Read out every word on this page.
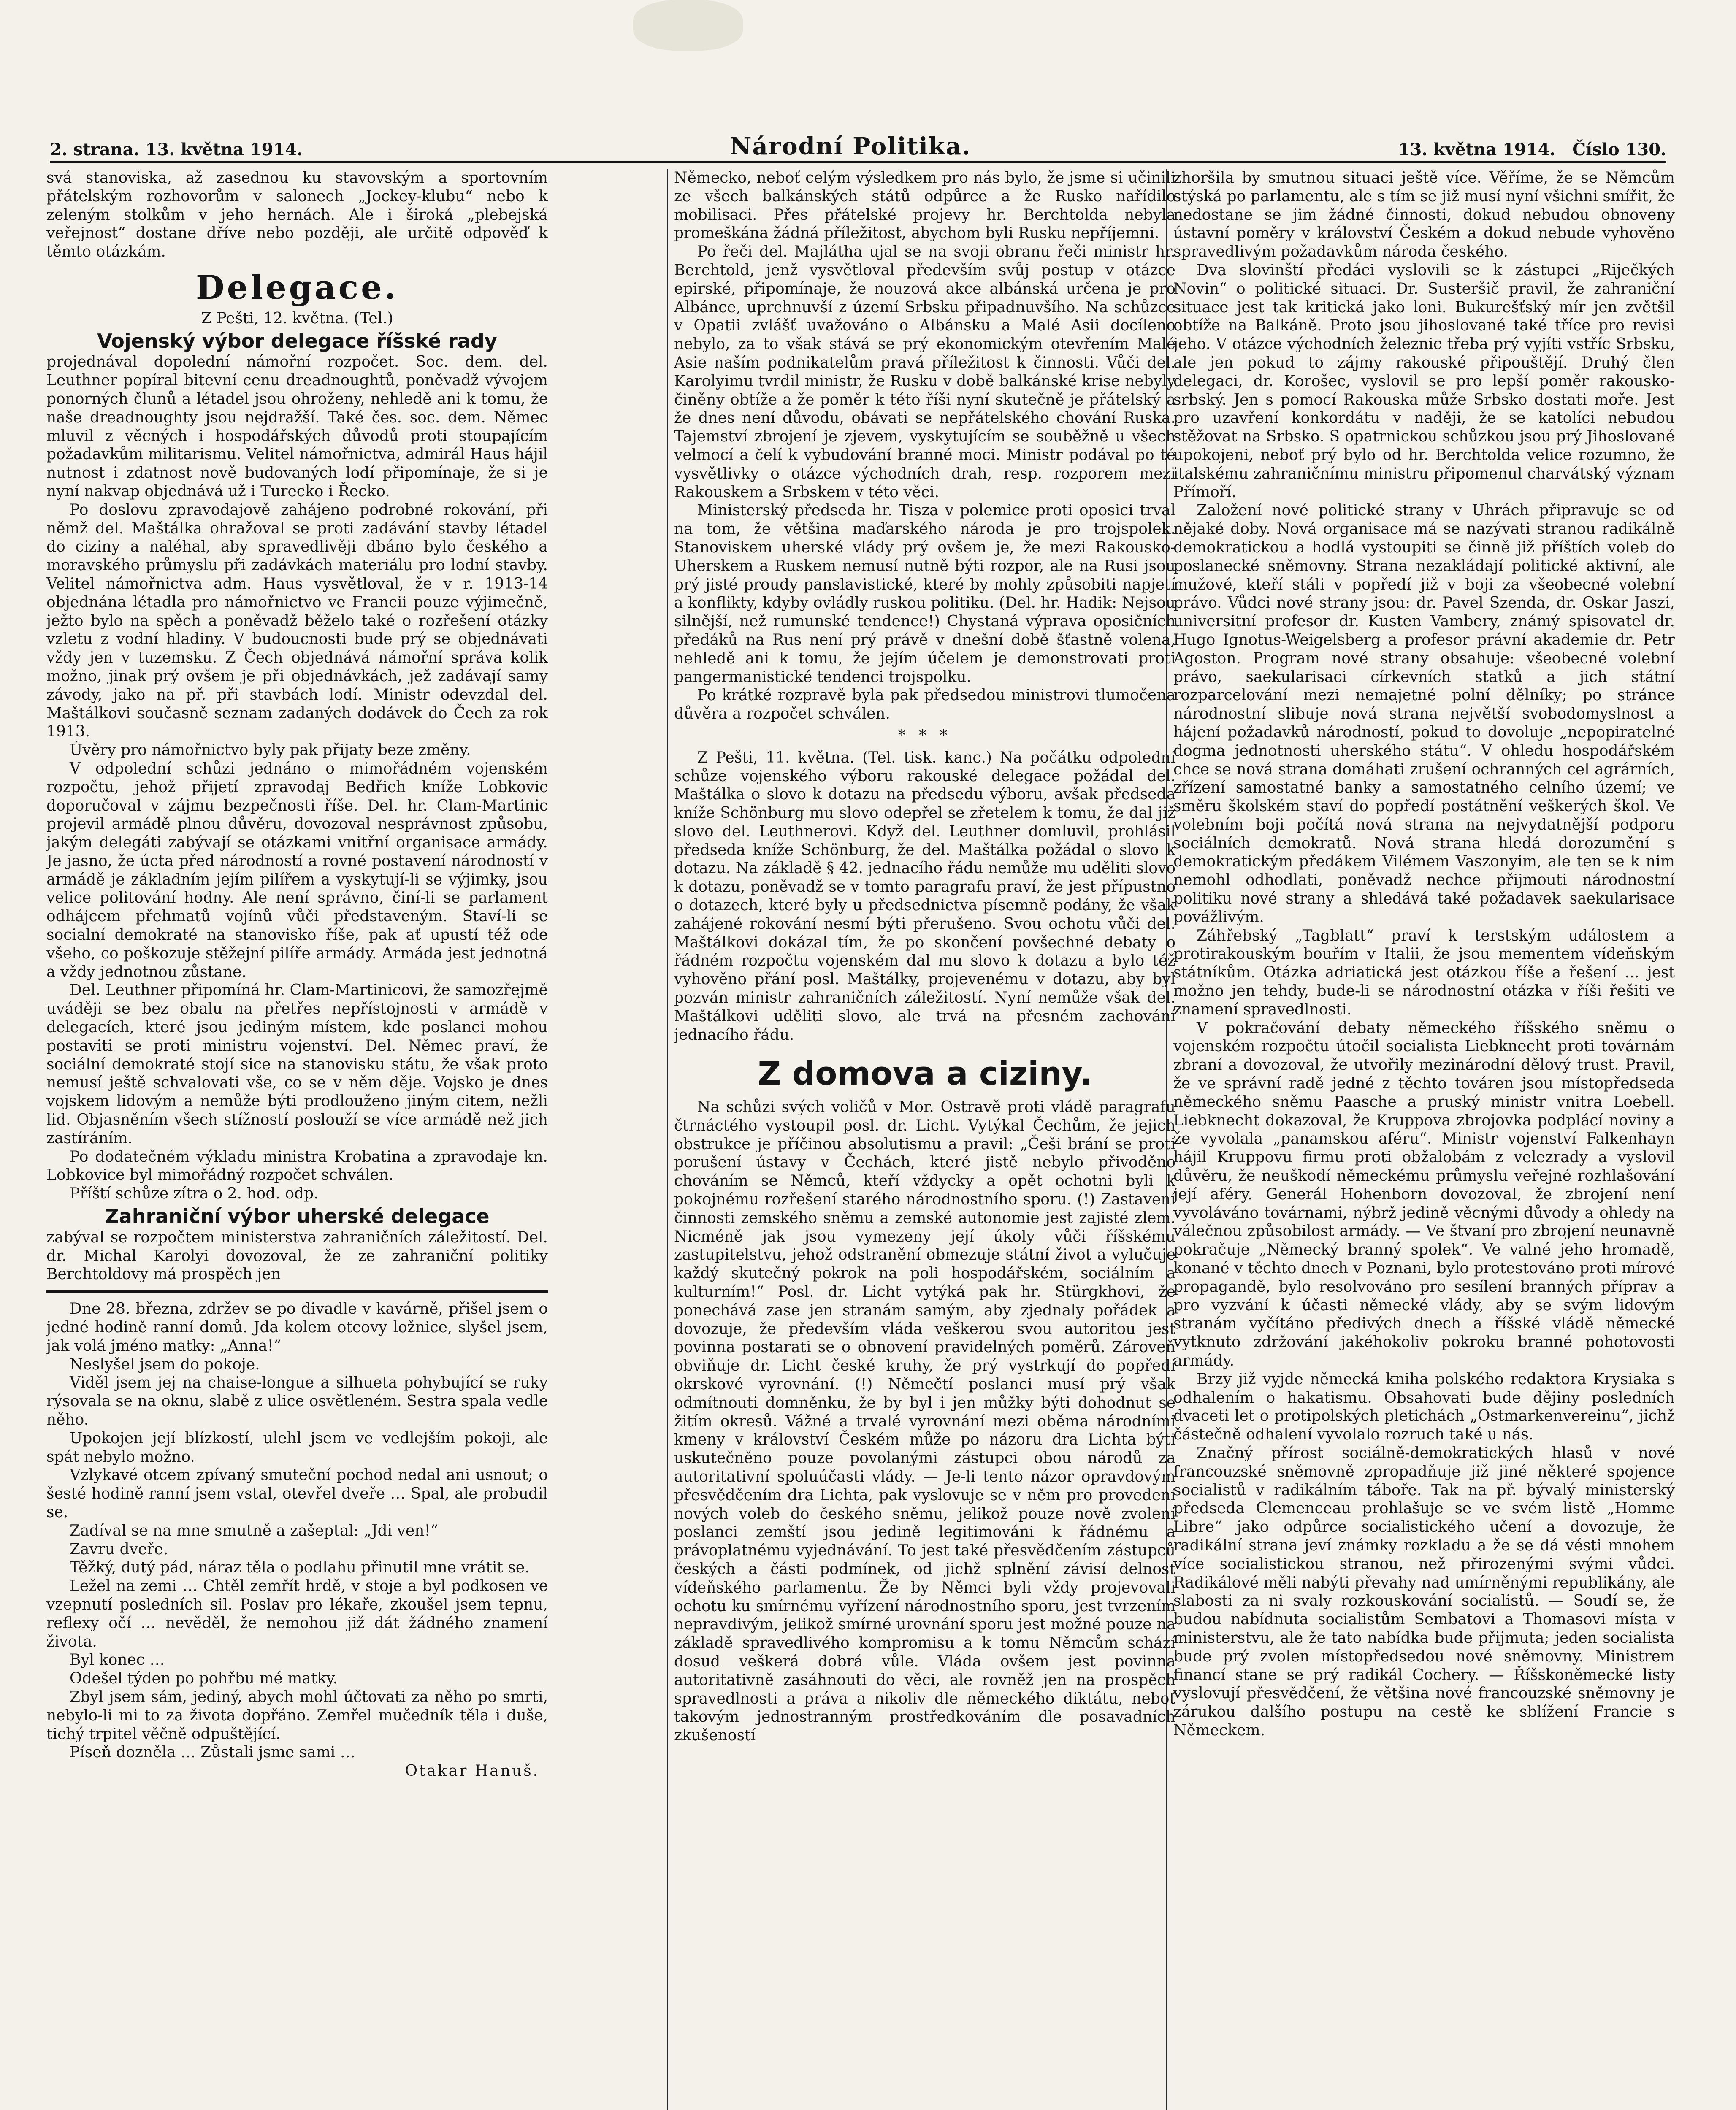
2. strana. 13. května 1914.	Národní Politika.	13. května 1914. Číslo 130.

svá stanoviska, až zasednou ku stavovským a sportovním přátelským rozhovorům v salonech „Jockey-klubu“ nebo k zeleným stolkům v jeho hernách. Ale i široká „plebejská veřejnost“ dostane dříve nebo později, ale určitě odpověď k těmto otázkám.

Delegace.
Z Pešti, 12. května. (Tel.)
Vojenský výbor delegace říšské rady

projednával dopolední námořní rozpočet. Soc. dem. del. Leuthner popíral bitevní cenu dreadnoughtů, poněvadž vývojem ponorných člunů a létadel jsou ohroženy, nehledě ani k tomu, že naše dreadnoughty jsou nejdražší. Také čes. soc. dem. Němec mluvil z věcných i hospodářských důvodů proti stoupajícím požadavkům militarismu. Velitel námořnictva, admirál Haus hájil nutnost i zdatnost nově budovaných lodí připomínaje, že si je nyní nakvap objednává už i Turecko i Řecko.

Po doslovu zpravodajově zahájeno podrobné rokování, při němž del. Maštálka ohražoval se proti zadávání stavby létadel do ciziny a naléhal, aby spravedlivěji dbáno bylo českého a moravského průmyslu při zadávkách materiálu pro lodní stavby. Velitel námořnictva adm. Haus vysvětloval, že v r. 1913-14 objednána létadla pro námořnictvo ve Francii pouze výjimečně, ježto bylo na spěch a poněvadž běželo také o rozřešení otázky vzletu z vodní hladiny. V budoucnosti bude prý se objednávati vždy jen v tuzemsku. Z Čech objednává námořní správa kolik možno, jinak prý ovšem je při objednávkách, jež zadávají samy závody, jako na př. při stavbách lodí. Ministr odevzdal del. Maštálkovi současně seznam zadaných dodávek do Čech za rok 1913.

Úvěry pro námořnictvo byly pak přijaty beze změny.

V odpolední schůzi jednáno o mimořádném vojenském rozpočtu, jehož přijetí zpravodaj Bedřich kníže Lobkovic doporučoval v zájmu bezpečnosti říše. Del. hr. Clam-Martinic projevil armádě plnou důvěru, dovozoval nesprávnost způsobu, jakým delegáti zabývají se otázkami vnitřní organisace armády. Je jasno, že úcta před národností a rovné postavení národností v armádě je základním jejím pilířem a vyskytují-li se výjimky, jsou velice politování hodny. Ale není správno, činí-li se parlament odhájcem přehmatů vojínů vůči představeným. Staví-li se socialní demokraté na stanovisko říše, pak ať upustí též ode všeho, co poškozuje stěžejní pilíře armády. Armáda jest jednotná a vždy jednotnou zůstane.

Del. Leuthner připomíná hr. Clam-Martinicovi, že samozřejmě uváději se bez obalu na přetřes nepřístojnosti v armádě v delegacích, které jsou jediným místem, kde poslanci mohou postaviti se proti ministru vojenství. Del. Němec praví, že sociální demokraté stojí sice na stanovisku státu, že však proto nemusí ještě schvalovati vše, co se v něm děje. Vojsko je dnes vojskem lidovým a nemůže býti prodlouženo jiným citem, nežli lid. Objasněním všech stížností poslouží se více armádě než jich zastíráním.

Po dodatečném výkladu ministra Krobatina a zpravodaje kn. Lobkovice byl mimořádný rozpočet schválen.

Příští schůze zítra o 2. hod. odp.

Zahraniční výbor uherské delegace

zabýval se rozpočtem ministerstva zahraničních záležitostí. Del. dr. Michal Karolyi dovozoval, že ze zahraniční politiky Berchtoldovy má prospěch jen

Dne 28. března, zdržev se po divadle v kavárně, přišel jsem o jedné hodině ranní domů. Jda kolem otcovy ložnice, slyšel jsem, jak volá jméno matky: „Anna!“

Neslyšel jsem do pokoje.

Viděl jsem jej na chaise-longue a silhueta pohybující se ruky rýsovala se na oknu, slabě z ulice osvětleném. Sestra spala vedle něho.

Upokojen její blízkostí, ulehl jsem ve vedlejším pokoji, ale spát nebylo možno.

Vzlykavé otcem zpívaný smuteční pochod nedal ani usnout; o šesté hodině ranní jsem vstal, otevřel dveře … Spal, ale probudil se.

Zadíval se na mne smutně a zašeptal: „Jdi ven!“

Zavru dveře.

Těžký, dutý pád, náraz těla o podlahu přinutil mne vrátit se.

Ležel na zemi … Chtěl zemřít hrdě, v stoje a byl podkosen ve vzepnutí posledních sil. Poslav pro lékaře, zkoušel jsem tepnu, reflexy očí … nevěděl, že nemohou již dát žádného znamení života.

Byl konec …

Odešel týden po pohřbu mé matky.

Zbyl jsem sám, jediný, abych mohl účtovati za něho po smrti, nebylo-li mi to za života dopřáno. Zemřel mučedník těla i duše, tichý trpitel věčně odpuštějící.

Píseň dozněla … Zůstali jsme sami …

Otakar Hanuš.

Německo, neboť celým výsledkem pro nás bylo, že jsme si učinili ze všech balkánských států odpůrce a že Rusko nařídilo mobilisaci. Přes přátelské projevy hr. Berchtolda nebyla promeškána žádná příležitost, abychom byli Rusku nepříjemni.

Po řeči del. Majlátha ujal se na svoji obranu řeči ministr hr. Berchtold, jenž vysvětloval především svůj postup v otázce epirské, připomínaje, že nouzová akce albánská určena je pro Albánce, uprchnuvší z území Srbsku připadnuvšího. Na schůzce v Opatii zvlášť uvažováno o Albánsku a Malé Asii docíleno nebylo, za to však stává se prý ekonomickým otevřením Malé Asie naším podnikatelům pravá příležitost k činnosti. Vůči del. Karolyimu tvrdil ministr, že Rusku v době balkánské krise nebyly činěny obtíže a že poměr k této říši nyní skutečně je přátelský a že dnes není důvodu, obávati se nepřátelského chování Ruska. Tajemství zbrojení je zjevem, vyskytujícím se souběžně u všech velmocí a čelí k vybudování branné moci. Ministr podával po té vysvětlivky o otázce východních drah, resp. rozporem mezi Rakouskem a Srbskem v této věci.

Ministerský předseda hr. Tisza v polemice proti oposici trval na tom, že většina maďarského národa je pro trojspolek. Stanoviskem uherské vlády prý ovšem je, že mezi Rakousko-Uherskem a Ruskem nemusí nutně býti rozpor, ale na Rusi jsou prý jisté proudy panslavistické, které by mohly způsobiti napjetí a konflikty, kdyby ovládly ruskou politiku. (Del. hr. Hadik: Nejsou silnější, než rumunské tendence!) Chystaná výprava oposičních předáků na Rus není prý právě v dnešní době šťastně volena, nehledě ani k tomu, že jejím účelem je demonstrovati proti pangermanistické tendenci trojspolku.

Po krátké rozpravě byla pak předsedou ministrovi tlumočena důvěra a rozpočet schválen.

* * *

Z Pešti, 11. května. (Tel. tisk. kanc.) Na počátku odpolední schůze vojenského výboru rakouské delegace požádal del. Maštálka o slovo k dotazu na předsedu výboru, avšak předseda kníže Schönburg mu slovo odepřel se zřetelem k tomu, že dal již slovo del. Leuthnerovi. Když del. Leuthner domluvil, prohlásil předseda kníže Schönburg, že del. Maštálka požádal o slovo k dotazu. Na základě § 42. jednacího řádu nemůže mu uděliti slovo k dotazu, poněvadž se v tomto paragrafu praví, že jest přípustno o dotazech, které byly u předsednictva písemně podány, že však zahájené rokování nesmí býti přerušeno. Svou ochotu vůči del. Maštálkovi dokázal tím, že po skončení povšechné debaty o řádném rozpočtu vojenském dal mu slovo k dotazu a bylo též vyhověno přání posl. Maštálky, projevenému v dotazu, aby byl pozván ministr zahraničních záležitostí. Nyní nemůže však del. Maštálkovi uděliti slovo, ale trvá na přesném zachování jednacího řádu.

Z domova a ciziny.

Na schůzi svých voličů v Mor. Ostravě proti vládě paragrafu čtrnáctého vystoupil posl. dr. Licht. Vytýkal Čechům, že jejich obstrukce je příčinou absolutismu a pravil: „Češi brání se proti porušení ústavy v Čechách, které jistě nebylo přivoděno chováním se Němců, kteří vždycky a opět ochotni byli k pokojnému rozřešení starého národnostního sporu. (!) Zastavení činnosti zemského sněmu a zemské autonomie jest zajisté zlem. Nicméně jak jsou vymezeny její úkoly vůči říšskému zastupitelstvu, jehož odstranění obmezuje státní život a vylučuje každý skutečný pokrok na poli hospodářském, sociálním a kulturním!“ Posl. dr. Licht vytýká pak hr. Stürgkhovi, že ponechává zase jen stranám samým, aby zjednaly pořádek a dovozuje, že především vláda veškerou svou autoritou jest povinna postarati se o obnovení pravidelných poměrů. Zároveň obviňuje dr. Licht české kruhy, že prý vystrkují do popředí okrskové vyrovnání. (!) Němečtí poslanci musí prý však odmítnouti domněnku, že by byl i jen můžky býti dohodnut se žitím okresů. Vážné a trvalé vyrovnání mezi oběma národními kmeny v království Českém může po názoru dra Lichta býti uskutečněno pouze povolanými zástupci obou národů za autoritativní spoluúčasti vlády. — Je-li tento názor opravdovým přesvědčením dra Lichta, pak vyslovuje se v něm pro provedení nových voleb do českého sněmu, jelikož pouze nově zvolení poslanci zemští jsou jedině legitimováni k řádnému a právoplatnému vyjednávání. To jest také přesvědčením zástupců českých a části podmínek, od jichž splnění závisí delnost vídeňského parlamentu. Že by Němci byli vždy projevovali ochotu ku smírnému vyřízení národnostního sporu, jest tvrzením nepravdivým, jelikož smírné urovnání sporu jest možné pouze na základě spravedlivého kompromisu a k tomu Němcům schází dosud veškerá dobrá vůle. Vláda ovšem jest povinna autoritativně zasáhnouti do věci, ale rovněž jen na prospěch spravedlnosti a práva a nikoliv dle německého diktátu, neboť takovým jednostranným prostředkováním dle posavadních zkušeností

zhoršila by smutnou situaci ještě více. Věříme, že se Němcům stýská po parlamentu, ale s tím se již musí nyní všichni smířit, že nedostane se jim žádné činnosti, dokud nebudou obnoveny ústavní poměry v království Českém a dokud nebude vyhověno spravedlivým požadavkům národa českého.

Dva slovinští předáci vyslovili se k zástupci „Riječkých Novin“ o politické situaci. Dr. Susteršič pravil, že zahraniční situace jest tak kritická jako loni. Bukurešťský mír jen zvětšil obtíže na Balkáně. Proto jsou jihoslované také tříce pro revisi jeho. V otázce východních železnic třeba prý vyjíti vstříc Srbsku, ale jen pokud to zájmy rakouské připouštějí. Druhý člen delegaci, dr. Korošec, vyslovil se pro lepší poměr rakousko-srbský. Jen s pomocí Rakouska může Srbsko dostati moře. Jest pro uzavření konkordátu v naději, že se katolíci nebudou stěžovat na Srbsko. S opatrnickou schůzkou jsou prý Jihoslované upokojeni, neboť prý bylo od hr. Berchtolda velice rozumno, že italskému zahraničnímu ministru připomenul charvátský význam Přímoří.

Založení nové politické strany v Uhrách připravuje se od nějaké doby. Nová organisace má se nazývati stranou radikálně demokratickou a hodlá vystoupiti se činně již příštích voleb do poslanecké sněmovny. Strana nezakládají politické aktivní, ale mužové, kteří stáli v popředí již v boji za všeobecné volební právo. Vůdci nové strany jsou: dr. Pavel Szenda, dr. Oskar Jaszi, universitní profesor dr. Kusten Vambery, známý spisovatel dr. Hugo Ignotus-Weigelsberg a profesor právní akademie dr. Petr Agoston. Program nové strany obsahuje: všeobecné volební právo, saekularisaci církevních statků a jich státní rozparcelování mezi nemajetné polní dělníky; po stránce národnostní slibuje nová strana největší svobodomyslnost a hájení požadavků národností, pokud to dovoluje „nepopiratelné dogma jednotnosti uherského státu“. V ohledu hospodářském chce se nová strana domáhati zrušení ochranných cel agrárních, zřízení samostatné banky a samostatného celního území; ve směru školském staví do popředí postátnění veškerých škol. Ve volebním boji počítá nová strana na nejvydatnější podporu sociálních demokratů. Nová strana hledá dorozumění s demokratickým předákem Vilémem Vaszonyim, ale ten se k nim nemohl odhodlati, poněvadž nechce přijmouti národnostní politiku nové strany a shledává také požadavek saekularisace povážlivým.

Záhřebský „Tagblatt“ praví k terstským událostem a protirakouským bouřím v Italii, že jsou mementem vídeňským státníkům. Otázka adriatická jest otázkou říše a řešení ... jest možno jen tehdy, bude-li se národnostní otázka v říši řešiti ve znamení spravedlnosti.

V pokračování debaty německého říšského sněmu o vojenském rozpočtu útočil socialista Liebknecht proti továrnám zbraní a dovozoval, že utvořily mezinárodní dělový trust. Pravil, že ve správní radě jedné z těchto továren jsou místopředseda německého sněmu Paasche a pruský ministr vnitra Loebell. Liebknecht dokazoval, že Kruppova zbrojovka podplácí noviny a že vyvolala „panamskou aféru“. Ministr vojenství Falkenhayn hájil Kruppovu firmu proti obžalobám z velezrady a vyslovil důvěru, že neuškodí německému průmyslu veřejné rozhlašování její aféry. Generál Hohenborn dovozoval, že zbrojení není vyvoláváno továrnami, nýbrž jedině věcnými důvody a ohledy na válečnou způsobilost armády. — Ve štvaní pro zbrojení neunavně pokračuje „Německý branný spolek“. Ve valné jeho hromadě, konané v těchto dnech v Poznani, bylo protestováno proti mírové propagandě, bylo resolvováno pro sesílení branných příprav a pro vyzvání k účasti německé vlády, aby se svým lidovým stranám vyčítáno předivých dnech a říšské vládě německé vytknuto zdržování jakéhokoliv pokroku branné pohotovosti armády.

Brzy již vyjde německá kniha polského redaktora Krysiaka s odhalením o hakatismu. Obsahovati bude dějiny posledních dvaceti let o protipolských pletichách „Ostmarkenvereinu“, jichž částečně odhalení vyvolalo rozruch také u nás.

Značný přírost sociálně-demokratických hlasů v nové francouzské sněmovně zpropadňuje již jiné některé spojence socialistů v radikálním táboře. Tak na př. bývalý ministerský předseda Clemenceau prohlašuje se ve svém listě „Homme Libre“ jako odpůrce socialistického učení a dovozuje, že radikální strana jeví známky rozkladu a že se dá vésti mnohem více socialistickou stranou, než přirozenými svými vůdci. Radikálové měli nabýti převahy nad umírněnými republikány, ale slabosti za ni svaly rozkouskování socialistů. — Soudí se, že budou nabídnuta socialistům Sembatovi a Thomasovi místa v ministerstvu, ale že tato nabídka bude přijmuta; jeden socialista bude prý zvolen místopředsedou nové sněmovny. Ministrem financí stane se prý radikál Cochery. — Říšskoněmecké listy vyslovují přesvědčení, že většina nové francouzské sněmovny je zárukou dalšího postupu na cestě ke sblížení Francie s Německem.
